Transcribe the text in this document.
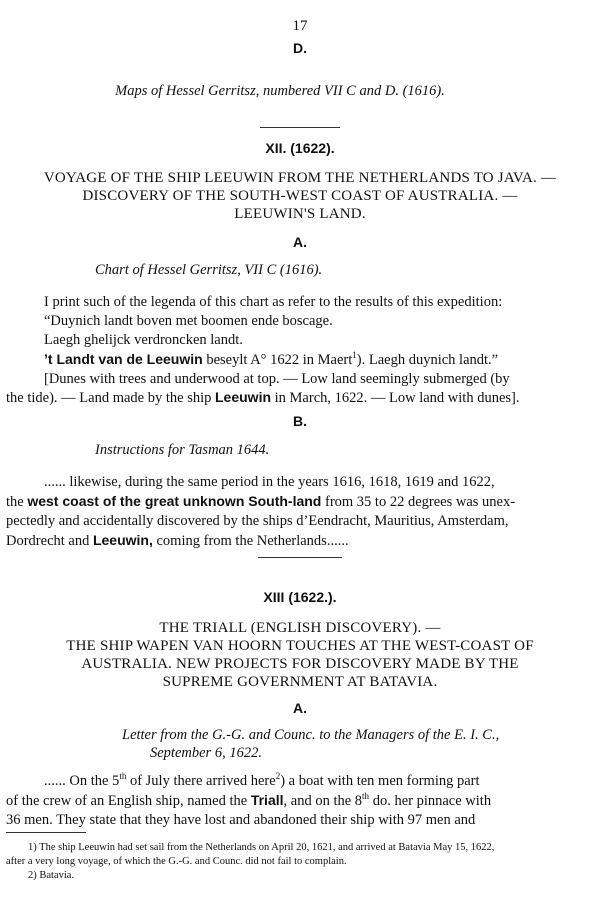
17
D.
Maps of Hessel Gerritsz, numbered VII C and D. (1616).
XII. (1622).
VOYAGE OF THE SHIP LEEUWIN FROM THE NETHERLANDS TO JAVA. —
DISCOVERY OF THE SOUTH-WEST COAST OF AUSTRALIA. —
LEEUWIN'S LAND.
A.
Chart of Hessel Gerritsz, VII C (1616).
I print such of the legenda of this chart as refer to the results of this expedition:
“Duynich landt boven met boomen ende boscage.
Laegh ghelijck verdroncken landt.
’t Landt van de Leeuwin beseylt A° 1622 in Maert$^1$). Laegh duynich landt.”
[Dunes with trees and underwood at top. — Low land seemingly submerged (by
the tide). — Land made by the ship Leeuwin in March, 1622. — Low land with dunes].
B.
Instructions for Tasman 1644.
...... likewise, during the same period in the years 1616, 1618, 1619 and 1622,
the west coast of the great unknown South-land from 35 to 22 degrees was unex-
pectedly and accidentally discovered by the ships d’Eendracht, Mauritius, Amsterdam,
Dordrecht and Leeuwin, coming from the Netherlands......
XIII (1622.).
THE TRIALL (ENGLISH DISCOVERY). —
THE SHIP WAPEN VAN HOORN TOUCHES AT THE WEST-COAST OF
AUSTRALIA. NEW PROJECTS FOR DISCOVERY MADE BY THE
SUPREME GOVERNMENT AT BATAVIA.
A.
Letter from the G.-G. and Counc. to the Managers of the E. I. C.,
September 6, 1622.
...... On the 5th of July there arrived here$^2$) a boat with ten men forming part
of the crew of an English ship, named the Triall, and on the 8th do. her pinnace with
36 men. They state that they have lost and abandoned their ship with 97 men and
1) The ship Leeuwin had set sail from the Netherlands on April 20, 1621, and arrived at Batavia May 15, 1622,
after a very long voyage, of which the G.-G. and Counc. did not fail to complain.
2) Batavia.
